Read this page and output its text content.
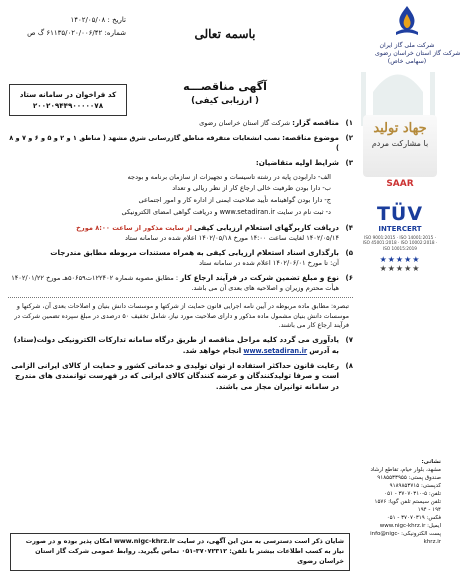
شرکت ملی گاز ایران
شرکت گاز استان خراسان رضوی
(سهامی خاص)
تاریخ : ۱۴۰۲/۰۵/۰۸
شماره: ۶۱۱۳۵/۰۲۰/۰۰۶/۴۲ گ ص	باسمه تعالی
آگهی مناقصـــه
( ارزیابی کیفی)
کد فراخوان در سامانه ستاد
۲۰۰۲۰۹۴۴۹۰۰۰۰۰۷۸
جهاد تولید
با مشارکت مردم
SAAR
TÜV
INTERCERT
ISO 9001:2015 · ISO 14001:2015 · ISO 45001:2018 · ISO 10002:2018 · ISO 10015:2019
★★★★★
★★★★★
نشانی:
مشهد، بلوار خیام، تقاطع ارشاد
صندوق پستی: ۹۱۸۵۵۳۳۹۵۵
کدپستی: ۹۱۸۹۸۵۳۷۱۵
تلفن: ۵-۳۷۰۷۰۳۱۰ - ۰۵۱
تلفن سیستم تلفن گویا: ۱۵۷۶
۱۹۴ - ۱۹۴
فکس: ۳۷۰۷۰۳۱۹ - ۰۵۱
ایمیل: www.nigc-khrz.ir
پست الکترونیکی: info@nigc-khrz.ir
۱)
مناقصه گزار: شرکت گاز استان خراسان رضوی
۲)
موضوع مناقصه: نصب انشعابات متفرقه مناطق گازرسانی شرق مشهد ( مناطق ۱ و ۲ و ۵ و ۶ و ۷ و ۸ )
۳)
شرایط اولیه متقاضیان:
الف- دارابودن پایه در رشته تاسیسات و تجهیزات از سازمان برنامه و بودجه
ب- دارا بودن ظرفیت خالی ارجاع کار از نظر ریالی و تعداد
ج- دارا بودن گواهینامه تأیید صلاحیت ایمنی از اداره کار و امور اجتماعی
د- ثبت نام در سایت www.setadiran.ir و دریافت گواهی امضای الکترونیکی
۴)
دریافت کاربرگهای استعلام ارزیابی کیفی از سایت مذکور از ساعت ۸:۰۰ مورخ
۱۴۰۲/۰۵/۱۴ لغایت ساعت ۱۴:۰۰ مورخ ۱۴۰۲/۰۵/۱۸ اعلام شده در سامانه ستاد
۵)
بارگذاری اسناد استعلام ارزیابی کیفی به همراه مستندات مربوطه مطابق مندرجات
آن: تا مورخ ۱۴۰۲/۰۶/۰۱ اعلام شده در سامانه ستاد
۶)
نوع و مبلغ تضمین شرکت در فرآیند ارجاع کار : مطابق مصوبه شماره ۱۲۲۴۰۲ت۵۰۶۵۹هـ مورخ ۱۴۰۲/۰۱/۲۲ هیأت محترم وزیران و اصلاحیه های بعدی آن می باشد.
تبصره: مطابق ماده مربوطه در آیین نامه اجرایی قانون حمایت از شرکتها و موسسات دانش بنیان و اصلاحات بعدی آن، شرکتها و موسسات دانش بنیان مشمول ماده مذکور و دارای صلاحیت مورد نیاز، شامل تخفیف ۵۰ درصدی در مبلغ سپرده تضمین شرکت در فرآیند ارجاع کار می باشند.
۷)
یادآوری می گردد کلیه مراحل مناقصه از طریق درگاه سامانه تدارکات الکترونیکی دولت(ستاد) به آدرس www.setadiran.ir انجام خواهد شد.
۸)
رعایت قانون حداکثر استفاده از توان تولیدی و خدماتی کشور و حمایت از کالای ایرانی الزامی است و صرفا تولیدکنندگان و عرضه کنندگان کالای ایرانی که در فهرست توانمندی های مندرج در سامانه توانیران مجاز می باشند.
شایان ذکر است دسترسی به متن این آگهی، در سایت www.nigc-khrz.ir امکان پذیر بوده و در صورت نیاز به کسب اطلاعات بیشتر با تلفن: ۳۷۰۷۲۳۱۲-۰۵۱ تماس بگیرید. روابط عمومی شرکت گاز استان خراسان رضوی
